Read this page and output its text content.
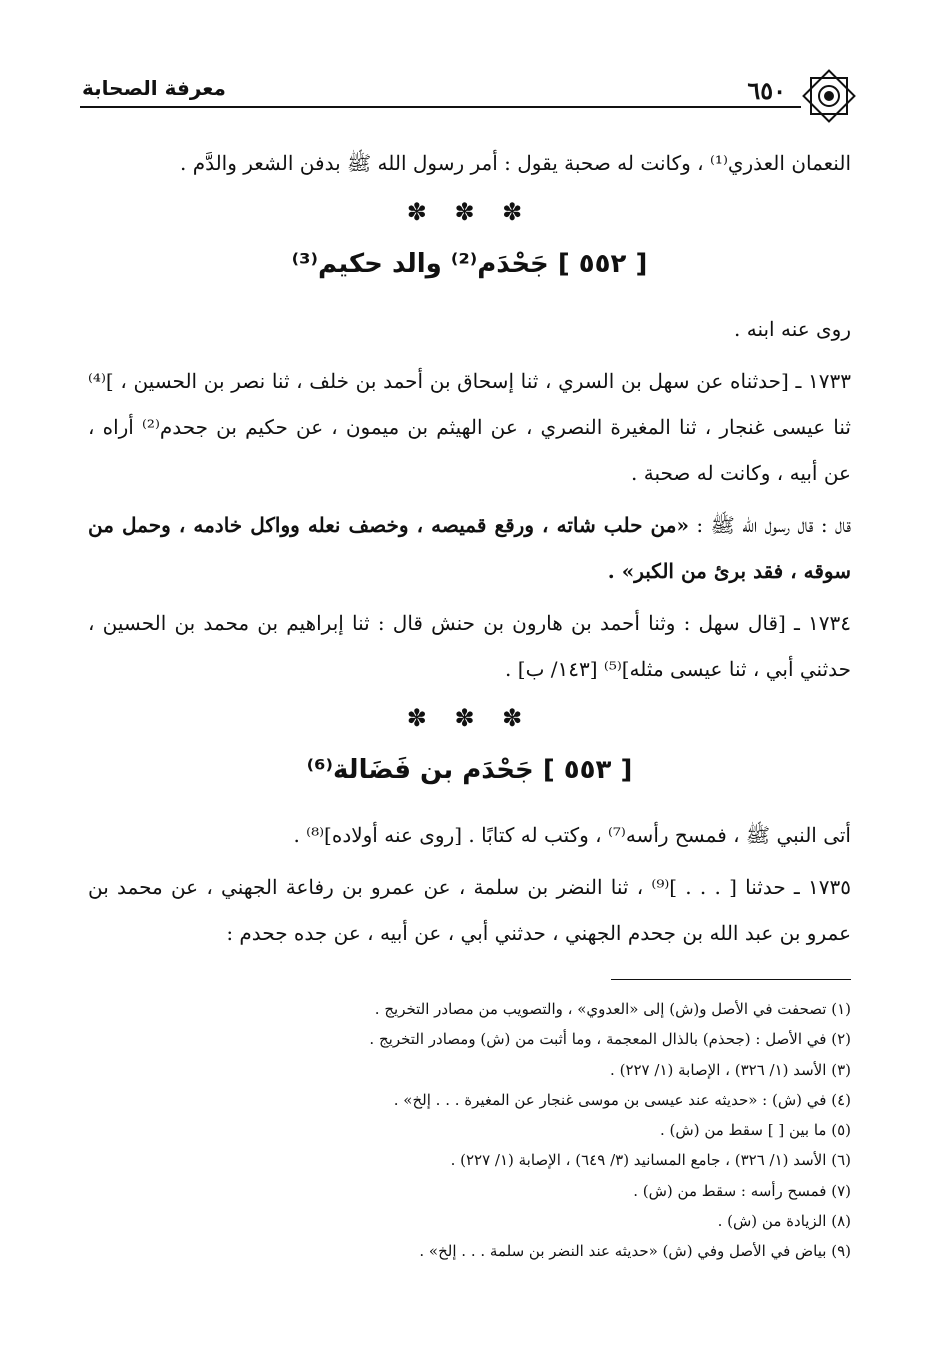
٦٥٠
معرفة الصحابة

النعمان العذري⁽¹⁾ ، وكانت له صحبة يقول : أمر رسول الله ﷺ بدفن الشعر والدَّم .

✽ ✽ ✽
[ ٥٥٢ ] جَحْدَم⁽²⁾ والد حكيم⁽³⁾

روى عنه ابنه .

١٧٣٣ ـ [حدثناه عن سهل بن السري ، ثنا إسحاق بن أحمد بن خلف ، ثنا نصر بن الحسين ، ]⁽⁴⁾ ثنا عيسى غنجار ، ثنا المغيرة النصري ، عن الهيثم بن ميمون ، عن حكيم بن جحدم⁽²⁾ أراه ، عن أبيه ، وكانت له صحبة .

قال : قال رسول الله ﷺ : «من حلب شاته ، ورقع قميصه ، وخصف نعله وواكل خادمه ، وحمل من سوقه ، فقد برئ من الكبر» .

١٧٣٤ ـ [قال سهل : وثنا أحمد بن هارون بن حنش قال : ثنا إبراهيم بن محمد بن الحسين ، حدثني أبي ، ثنا عيسى مثله]⁽⁵⁾ [١٤٣/ ب] .

✽ ✽ ✽
[ ٥٥٣ ] جَحْدَم بن فَضَالة⁽⁶⁾

أتى النبي ﷺ ، فمسح رأسه⁽⁷⁾ ، وكتب له كتابًا . [روى عنه أولاده]⁽⁸⁾ .

١٧٣٥ ـ حدثنا [ . . . ]⁽⁹⁾ ، ثنا النضر بن سلمة ، عن عمرو بن رفاعة الجهني ، عن محمد بن عمرو بن عبد الله بن جحدم الجهني ، حدثني أبي ، عن أبيه ، عن جده جحدم :

(١) تصحفت في الأصل و(ش) إلى «العدوي» ، والتصويب من مصادر التخريج .
(٢) في الأصل : (جحذم) بالذال المعجمة ، وما أثبت من (ش) ومصادر التخريج .
(٣) الأسد (١/ ٣٢٦) ، الإصابة (١/ ٢٢٧) .
(٤) في (ش) : «حديثه عند عيسى بن موسى غنجار عن المغيرة . . . إلخ» .
(٥) ما بين [ ] سقط من (ش) .
(٦) الأسد (١/ ٣٢٦) ، جامع المسانيد (٣/ ٦٤٩) ، الإصابة (١/ ٢٢٧) .
(٧) فمسح رأسه : سقط من (ش) .
(٨) الزيادة من (ش) .
(٩) بياض في الأصل وفي (ش) «حديثه عند النضر بن سلمة . . . إلخ» .
